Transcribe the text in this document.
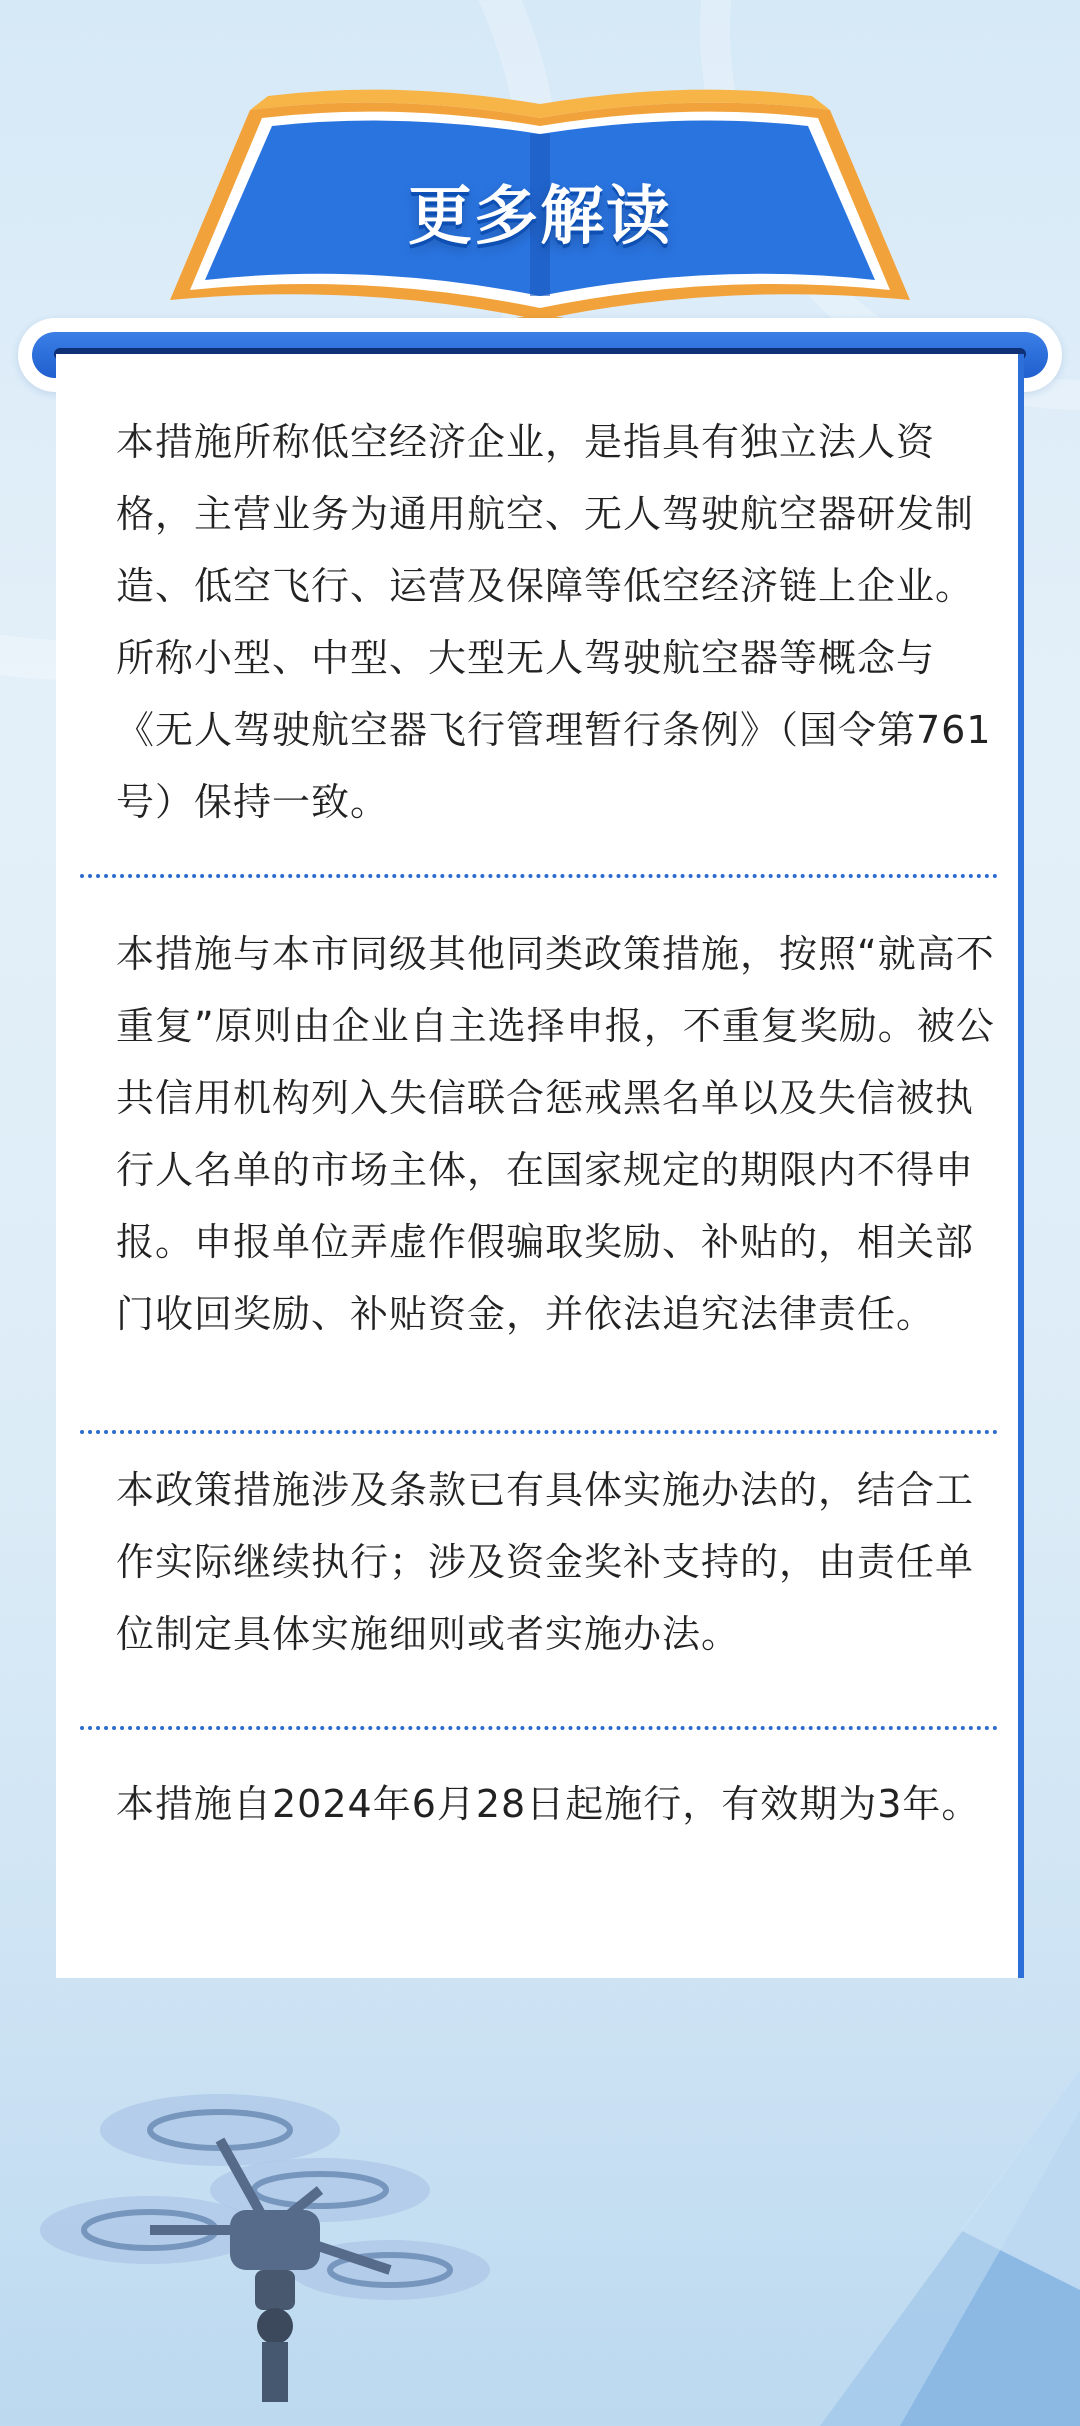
更多解读
本措施所称低空经济企业，是指具有独立法人资格，主营业务为通用航空、无人驾驶航空器研发制造、低空飞行、运营及保障等低空经济链上企业。所称小型、中型、大型无人驾驶航空器等概念与《无人驾驶航空器飞行管理暂行条例》（国令第761号）保持一致。
本措施与本市同级其他同类政策措施，按照“就高不重复”原则由企业自主选择申报，不重复奖励。被公共信用机构列入失信联合惩戒黑名单以及失信被执行人名单的市场主体，在国家规定的期限内不得申报。申报单位弄虚作假骗取奖励、补贴的，相关部门收回奖励、补贴资金，并依法追究法律责任。
本政策措施涉及条款已有具体实施办法的，结合工作实际继续执行；涉及资金奖补支持的，由责任单位制定具体实施细则或者实施办法。
本措施自2024年6月28日起施行，有效期为3年。
